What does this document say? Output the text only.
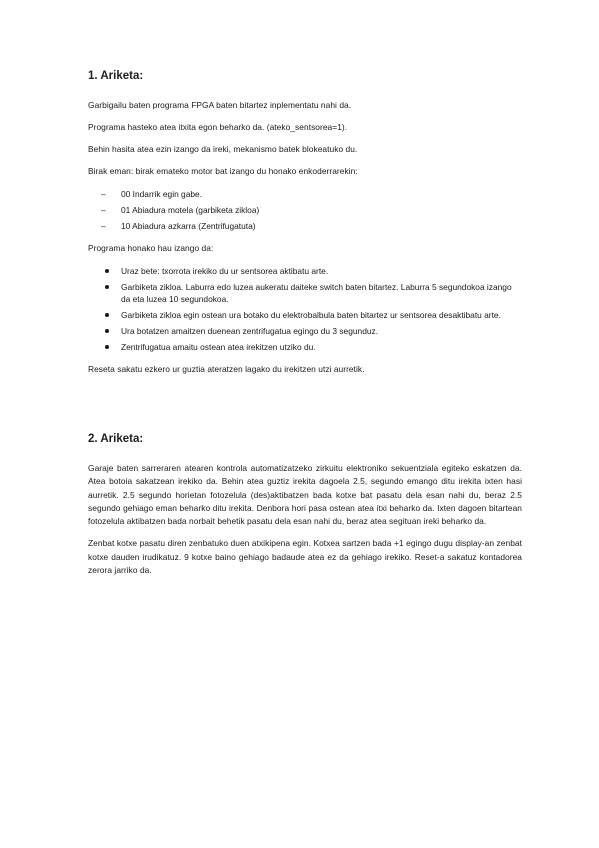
1. Ariketa:

Garbigailu baten programa FPGA baten bitartez inplementatu nahi da.

Programa hasteko atea itxita egon beharko da. (ateko_sentsorea=1).

Behin hasita atea ezin izango da ireki, mekanismo batek blokeatuko du.

Birak eman: birak emateko motor bat izango du honako enkoderrarekin:

– 00 Indarrik egin gabe.
– 01 Abiadura motela (garbiketa zikloa)
– 10 Abiadura azkarra (Zentrifugatuta)

Programa honako hau izango da:

Uraz bete: txorrota irekiko du ur sentsorea aktibatu arte.
Garbiketa zikloa. Laburra edo luzea aukeratu daiteke switch baten bitartez. Laburra 5 segundokoa izango da eta luzea 10 segundokoa.
Garbiketa zikloa egin ostean ura botako du elektrobalbula baten bitartez ur sentsorea desaktibatu arte.
Ura botatzen amaitzen duenean zentrifugatua egingo du 3 segunduz.
Zentrifugatua amaitu ostean atea irekitzen utziko du.

Reseta sakatu ezkero ur guztia ateratzen lagako du irekitzen utzi aurretik.

2. Ariketa:

Garaje baten sarreraren atearen kontrola automatizatzeko zirkuitu elektroniko sekuentziala egiteko eskatzen da. Atea botoia sakatzean irekiko da. Behin atea guztiz irekita dagoela 2.5, segundo emango ditu irekita ixten hasi aurretik. 2.5 segundo horietan fotozelula (des)aktibatzen bada kotxe bat pasatu dela esan nahi du, beraz 2.5 segundo gehiago eman beharko ditu irekita. Denbora hori pasa ostean atea itxi beharko da. Ixten dagoen bitartean fotozelula aktibatzen bada norbait behetik pasatu dela esan nahi du, beraz atea segituan ireki beharko da.

Zenbat kotxe pasatu diren zenbatuko duen atxikipena egin. Kotxea sartzen bada +1 egingo dugu display-an zenbat kotxe dauden irudikatuz. 9 kotxe baino gehiago badaude atea ez da gehiago irekiko. Reset-a sakatuz kontadorea zerora jarriko da.
